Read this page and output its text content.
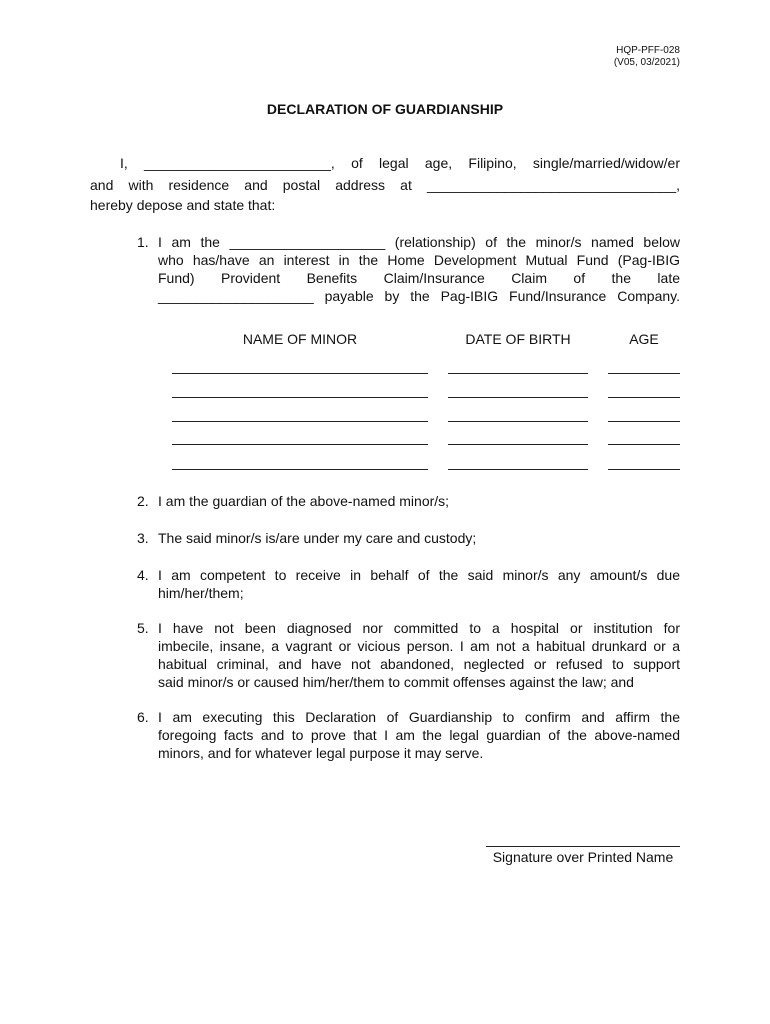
HQP-PFF-028
(V05, 03/2021)
DECLARATION OF GUARDIANSHIP
I, ________________________, of legal age, Filipino, single/married/widow/er
and with residence and postal address at ________________________________,
hereby depose and state that:
1. I am the ____________________ (relationship) of the minor/s named below
who has/have an interest in the Home Development Mutual Fund (Pag-IBIG
Fund) Provident Benefits Claim/Insurance Claim of the late
____________________ payable by the Pag-IBIG Fund/Insurance Company.
NAME OF MINOR	DATE OF BIRTH	AGE
2. I am the guardian of the above-named minor/s;
3. The said minor/s is/are under my care and custody;
4. I am competent to receive in behalf of the said minor/s any amount/s due
him/her/them;
5. I have not been diagnosed nor committed to a hospital or institution for
imbecile, insane, a vagrant or vicious person. I am not a habitual drunkard or a
habitual criminal, and have not abandoned, neglected or refused to support
said minor/s or caused him/her/them to commit offenses against the law; and
6. I am executing this Declaration of Guardianship to confirm and affirm the
foregoing facts and to prove that I am the legal guardian of the above-named
minors, and for whatever legal purpose it may serve.
Signature over Printed Name
